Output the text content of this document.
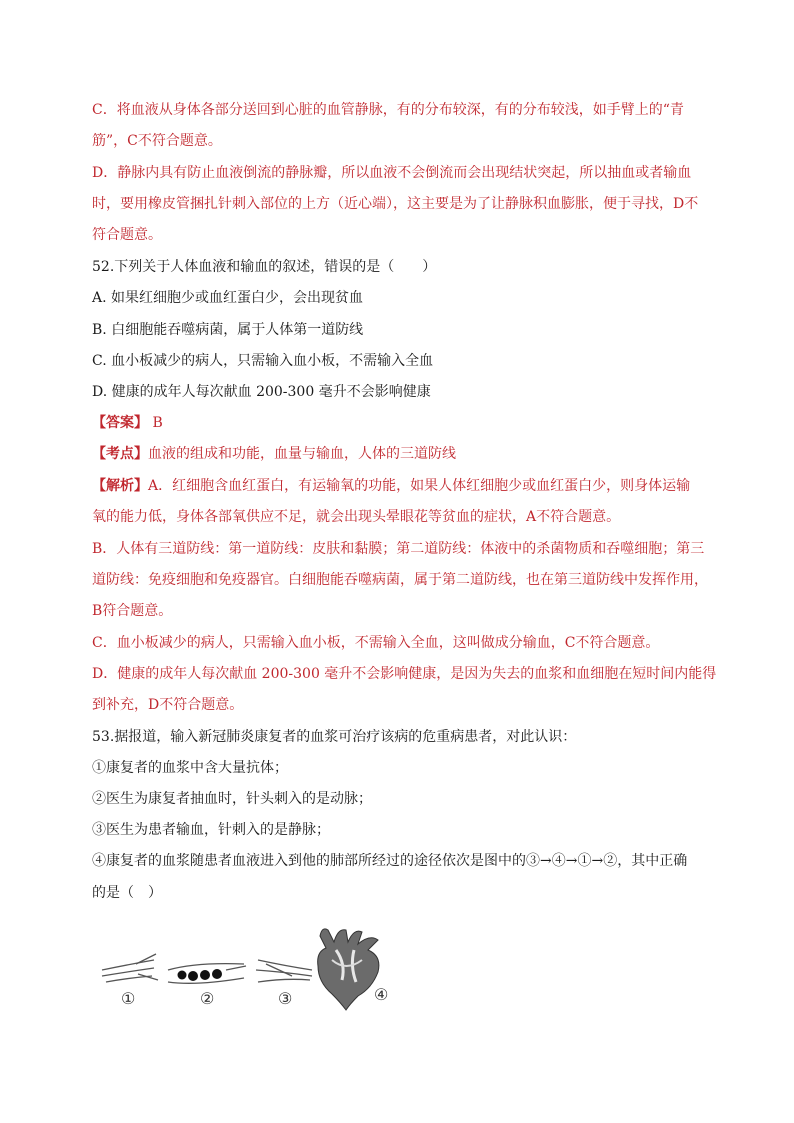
C．将血液从身体各部分送回到心脏的血管静脉，有的分布较深，有的分布较浅，如手臂上的“青
筋”，C不符合题意。
D．静脉内具有防止血液倒流的静脉瓣，所以血液不会倒流而会出现结状突起，所以抽血或者输血
时，要用橡皮管捆扎针刺入部位的上方（近心端），这主要是为了让静脉积血膨胀，便于寻找，D不
符合题意。
52.下列关于人体血液和输血的叙述，错误的是（　　）
A. 如果红细胞少或血红蛋白少，会出现贫血
B. 白细胞能吞噬病菌，属于人体第一道防线
C. 血小板减少的病人，只需输入血小板，不需输入全血
D. 健康的成年人每次献血 200-300 毫升不会影响健康
【答案】 B
【考点】血液的组成和功能，血量与输血，人体的三道防线
【解析】A．红细胞含血红蛋白，有运输氧的功能，如果人体红细胞少或血红蛋白少，则身体运输
氧的能力低，身体各部氧供应不足，就会出现头晕眼花等贫血的症状，A不符合题意。
B．人体有三道防线：第一道防线：皮肤和黏膜；第二道防线：体液中的杀菌物质和吞噬细胞；第三
道防线：免疫细胞和免疫器官。白细胞能吞噬病菌，属于第二道防线，也在第三道防线中发挥作用，
B符合题意。
C．血小板减少的病人，只需输入血小板，不需输入全血，这叫做成分输血，C不符合题意。
D．健康的成年人每次献血 200-300 毫升不会影响健康，是因为失去的血浆和血细胞在短时间内能得
到补充，D不符合题意。
53.据报道，输入新冠肺炎康复者的血浆可治疗该病的危重病患者，对此认识：
①康复者的血浆中含大量抗体；
②医生为康复者抽血时，针头刺入的是动脉；
③医生为患者输血，针刺入的是静脉；
④康复者的血浆随患者血液进入到他的肺部所经过的途径依次是图中的③→④→①→②，其中正确
的是（　）
①	②	③	④
